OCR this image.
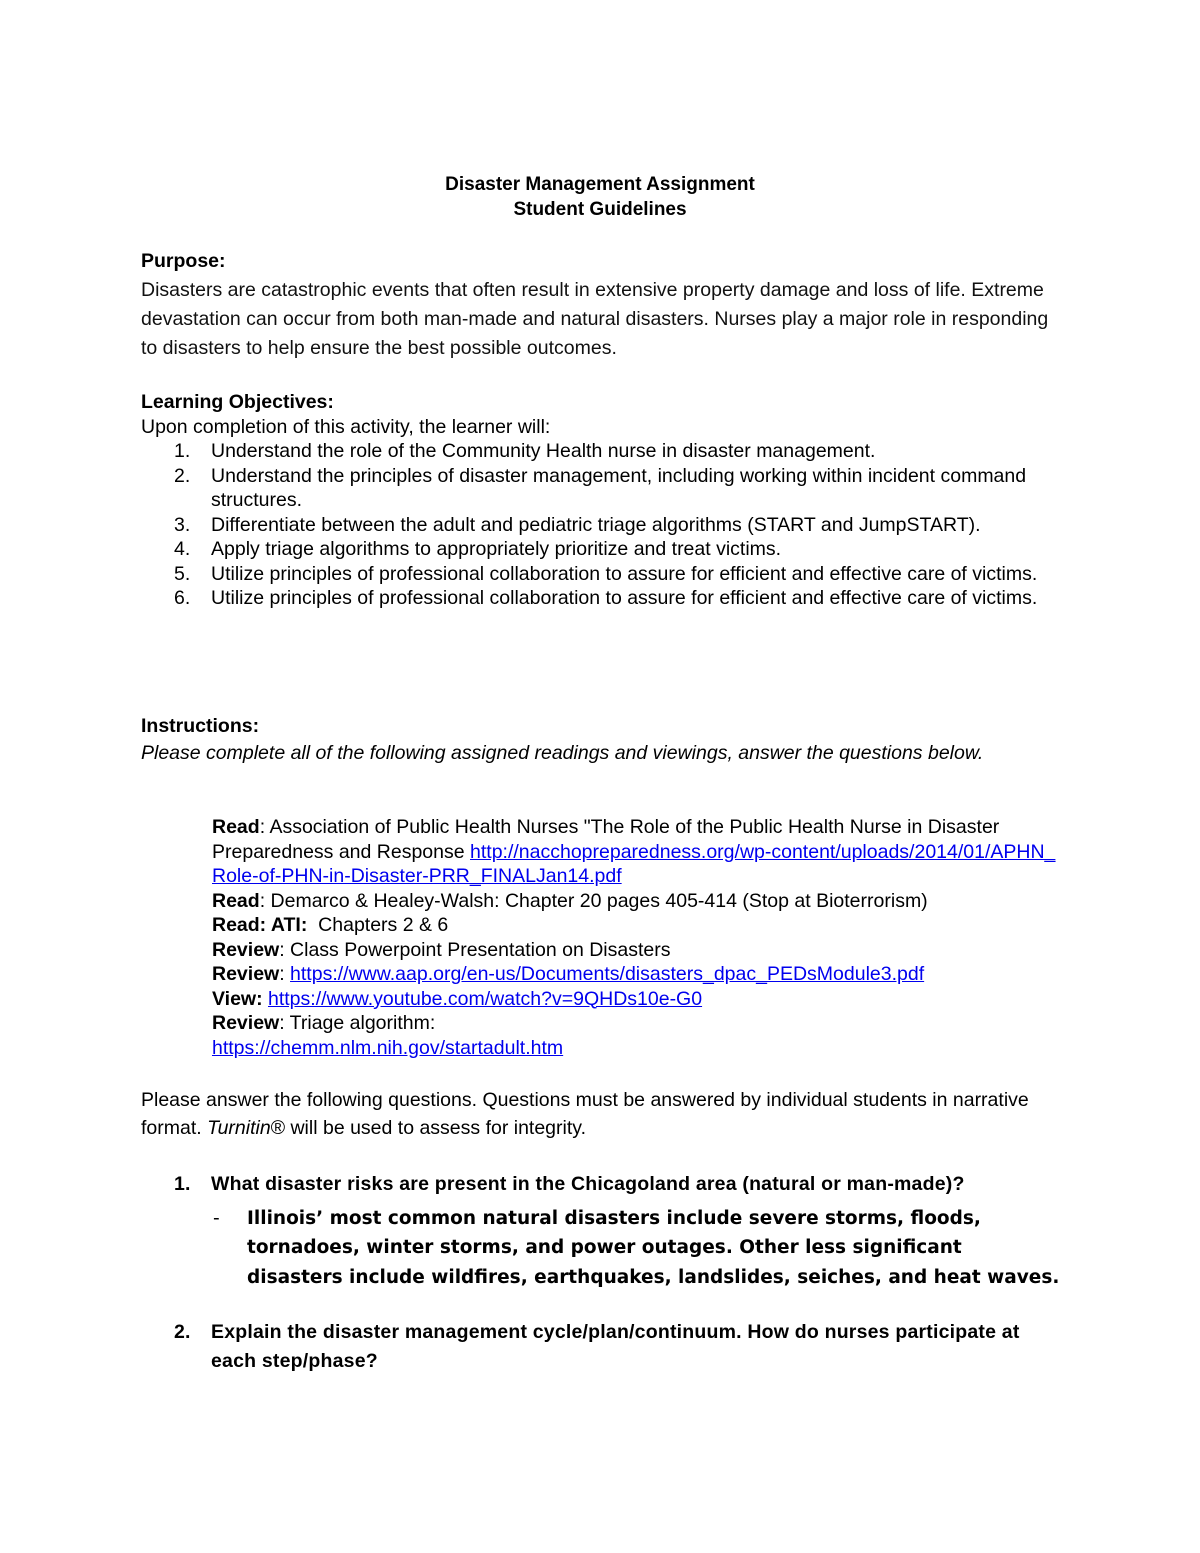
Disaster Management Assignment
Student Guidelines
Purpose:
Disasters are catastrophic events that often result in extensive property damage and loss of life. Extreme devastation can occur from both man-made and natural disasters. Nurses play a major role in responding to disasters to help ensure the best possible outcomes.
Learning Objectives:
Upon completion of this activity, the learner will:
1. Understand the role of the Community Health nurse in disaster management.
2. Understand the principles of disaster management, including working within incident command structures.
3. Differentiate between the adult and pediatric triage algorithms (START and JumpSTART).
4. Apply triage algorithms to appropriately prioritize and treat victims.
5. Utilize principles of professional collaboration to assure for efficient and effective care of victims.
6. Utilize principles of professional collaboration to assure for efficient and effective care of victims.
Instructions:
Please complete all of the following assigned readings and viewings, answer the questions below.
Read: Association of Public Health Nurses "The Role of the Public Health Nurse in Disaster Preparedness and Response http://nacchopreparedness.org/wp-content/uploads/2014/01/APHN_Role-of-PHN-in-Disaster-PRR_FINALJan14.pdf
Read: Demarco & Healey-Walsh: Chapter 20 pages 405-414 (Stop at Bioterrorism)
Read: ATI:  Chapters 2 & 6
Review: Class Powerpoint Presentation on Disasters
Review: https://www.aap.org/en-us/Documents/disasters_dpac_PEDsModule3.pdf
View: https://www.youtube.com/watch?v=9QHDs10e-G0
Review: Triage algorithm:
https://chemm.nlm.nih.gov/startadult.htm
Please answer the following questions. Questions must be answered by individual students in narrative format. Turnitin® will be used to assess for integrity.
1. What disaster risks are present in the Chicagoland area (natural or man-made)?
- Illinois’ most common natural disasters include severe storms, floods, tornadoes, winter storms, and power outages. Other less significant disasters include wildfires, earthquakes, landslides, seiches, and heat waves.
2. Explain the disaster management cycle/plan/continuum. How do nurses participate at each step/phase?
